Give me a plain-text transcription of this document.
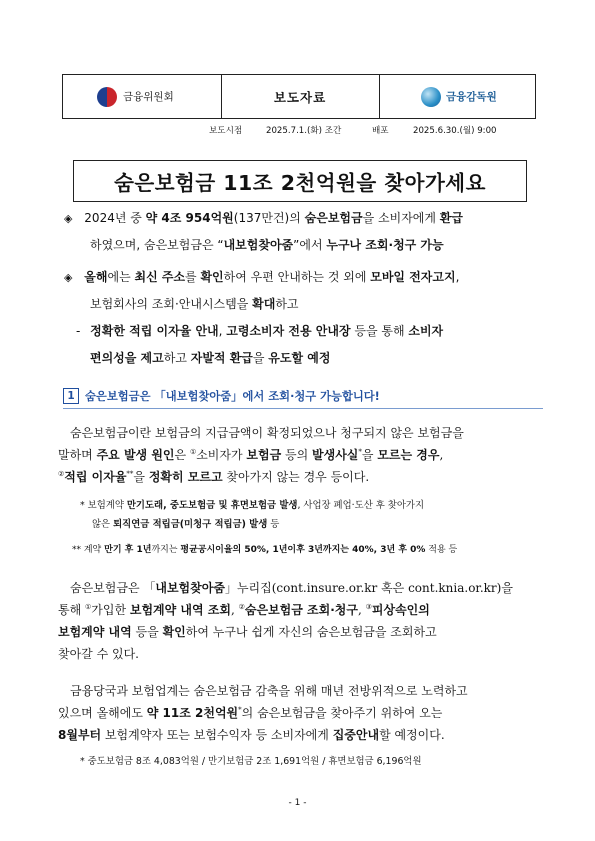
금융위원회	보도자료	금융감독원
보도시점	2025.7.1.(화) 조간	배포	2025.6.30.(월) 9:00
숨은보험금 11조 2천억원을 찾아가세요
◈ 2024년 중 약 4조 954억원(137만건)의 숨은보험금을 소비자에게 환급
하였으며, 숨은보험금은 “내보험찾아줌”에서 누구나 조회·청구 가능
◈ 올해에는 최신 주소를 확인하여 우편 안내하는 것 외에 모바일 전자고지,
보험회사의 조회·안내시스템을 확대하고
- 정확한 적립 이자율 안내, 고령소비자 전용 안내장 등을 통해 소비자
편의성을 제고하고 자발적 환급을 유도할 예정
1 숨은보험금은 「내보험찾아줌」에서 조회·청구 가능합니다!
숨은보험금이란 보험금의 지급금액이 확정되었으나 청구되지 않은 보험금을
말하며 주요 발생 원인은 ①소비자가 보험금 등의 발생사실*을 모르는 경우,
②적립 이자율**을 정확히 모르고 찾아가지 않는 경우 등이다.
* 보험계약 만기도래, 중도보험금 및 휴면보험금 발생, 사업장 폐업·도산 후 찾아가지
않은 퇴직연금 적립금(미청구 적립금) 발생 등
** 계약 만기 후 1년까지는 평균공시이율의 50%, 1년이후 3년까지는 40%, 3년 후 0% 적용 등
숨은보험금은 「내보험찾아줌」누리집(cont.insure.or.kr 혹은 cont.knia.or.kr)을
통해 ①가입한 보험계약 내역 조회, ②숨은보험금 조회·청구, ③피상속인의
보험계약 내역 등을 확인하여 누구나 쉽게 자신의 숨은보험금을 조회하고
찾아갈 수 있다.
금융당국과 보험업계는 숨은보험금 감축을 위해 매년 전방위적으로 노력하고
있으며 올해에도 약 11조 2천억원*의 숨은보험금을 찾아주기 위하여 오는
8월부터 보험계약자 또는 보험수익자 등 소비자에게 집중안내할 예정이다.
* 중도보험금 8조 4,083억원 / 만기보험금 2조 1,691억원 / 휴면보험금 6,196억원
- 1 -
